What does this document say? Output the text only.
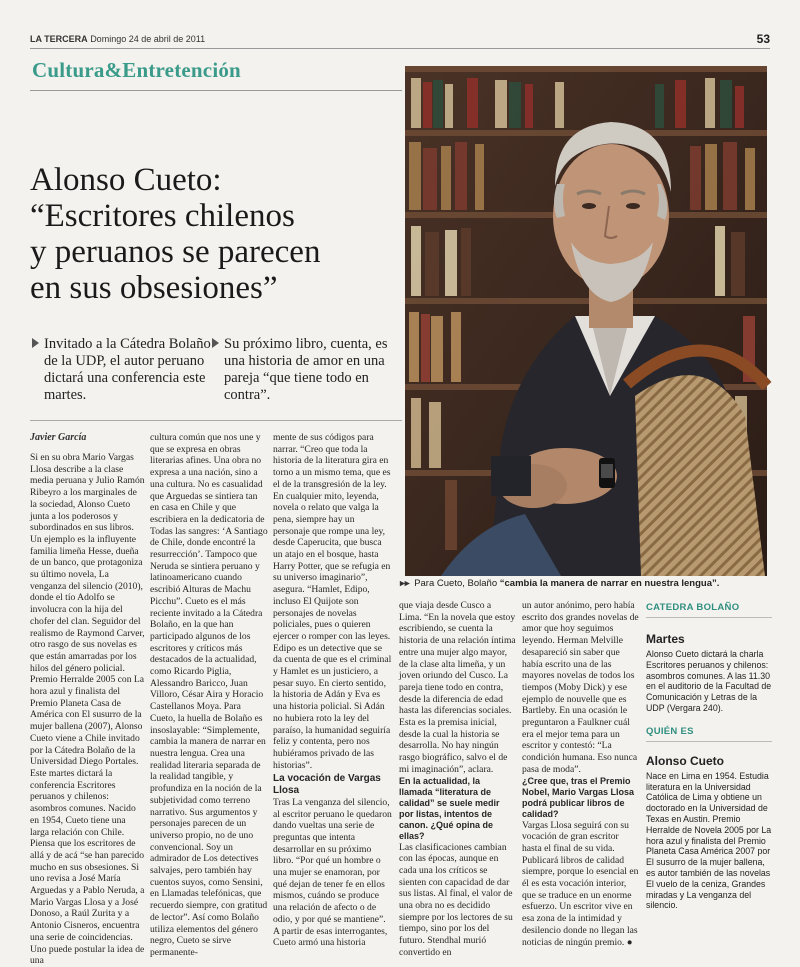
LA TERCERA Domingo 24 de abril de 2011	53
Cultura&Entretención
Alonso Cueto:
“Escritores chilenos
y peruanos se parecen
en sus obsesiones”
Invitado a la Cátedra Bolaño de la UDP, el autor peruano dictará una conferencia este martes.
Su próximo libro, cuenta, es una historia de amor en una pareja “que tiene todo en contra”.
▸▸ Para Cueto, Bolaño “cambia la manera de narrar en nuestra lengua”.
Javier García

Si en su obra Mario Vargas Llosa describe a la clase media peruana y Julio Ramón Ribeyro a los marginales de la sociedad, Alonso Cueto junta a los poderosos y subordinados en sus libros. Un ejemplo es la influyente familia limeña Hesse, dueña de un banco, que protagoniza su último novela, La venganza del silencio (2010), donde el tío Adolfo se involucra con la hija del chofer del clan. Seguidor del realismo de Raymond Carver, otro rasgo de sus novelas es que están amarradas por los hilos del género policial. Premio Herralde 2005 con La hora azul y finalista del Premio Planeta Casa de América con El susurro de la mujer ballena (2007), Alonso Cueto viene a Chile invitado por la Cátedra Bolaño de la Universidad Diego Portales. Este martes dictará la conferencia Escritores peruanos y chilenos: asombros comunes. Nacido en 1954, Cueto tiene una larga relación con Chile. Piensa que los escritores de allá y de acá “se han parecido mucho en sus obsesiones. Si uno revisa a José María Arguedas y a Pablo Neruda, a Mario Vargas Llosa y a José Donoso, a Raúl Zurita y a Antonio Cisneros, encuentra una serie de coincidencias. Uno puede postular la idea de una

cultura común que nos une y que se expresa en obras literarias afines. Una obra no expresa a una nación, sino a una cultura. No es casualidad que Arguedas se sintiera tan en casa en Chile y que escribiera en la dedicatoria de Todas las sangres: ‘A Santiago de Chile, donde encontré la resurrección’. Tampoco que Neruda se sintiera peruano y latinoamericano cuando escribió Alturas de Machu Picchu”. Cueto es el más reciente invitado a la Cátedra Bolaño, en la que han participado algunos de los escritores y críticos más destacados de la actualidad, como Ricardo Piglia, Alessandro Baricco, Juan Villoro, César Aira y Horacio Castellanos Moya. Para Cueto, la huella de Bolaño es insoslayable: “Simplemente, cambia la manera de narrar en nuestra lengua. Crea una realidad literaria separada de la realidad tangible, y profundiza en la noción de la subjetividad como terreno narrativo. Sus argumentos y personajes parecen de un universo propio, no de uno convencional. Soy un admirador de Los detectives salvajes, pero también hay cuentos suyos, como Sensini, en Llamadas telefónicas, que recuerdo siempre, con gratitud de lector”. Así como Bolaño utiliza elementos del género negro, Cueto se sirve permanente-

mente de sus códigos para narrar. “Creo que toda la historia de la literatura gira en torno a un mismo tema, que es el de la transgresión de la ley. En cualquier mito, leyenda, novela o relato que valga la pena, siempre hay un personaje que rompe una ley, desde Caperucita, que busca un atajo en el bosque, hasta Harry Potter, que se refugia en su universo imaginario”, asegura. “Hamlet, Edipo, incluso El Quijote son personajes de novelas policiales, pues o quieren ejercer o romper con las leyes. Edipo es un detective que se da cuenta de que es el criminal y Hamlet es un justiciero, a pesar suyo. En cierto sentido, la historia de Adán y Eva es una historia policial. Si Adán no hubiera roto la ley del paraíso, la humanidad seguiría feliz y contenta, pero nos hubiéramos privado de las historias”.

La vocación de Vargas Llosa

Tras La venganza del silencio, al escritor peruano le quedaron dando vueltas una serie de preguntas que intenta desarrollar en su próximo libro. “Por qué un hombre o una mujer se enamoran, por qué dejan de tener fe en ellos mismos, cuándo se produce una relación de afecto o de odio, y por qué se mantiene”. A partir de esas interrogantes, Cueto armó una historia

que viaja desde Cusco a Lima. “En la novela que estoy escribiendo, se cuenta la historia de una relación íntima entre una mujer algo mayor, de la clase alta limeña, y un joven oriundo del Cusco. La pareja tiene todo en contra, desde la diferencia de edad hasta las diferencias sociales. Esta es la premisa inicial, desde la cual la historia se desarrolla. No hay ningún rasgo biográfico, salvo el de mi imaginación”, aclara.

En la actualidad, la llamada “literatura de calidad” se suele medir por listas, intentos de canon. ¿Qué opina de ellas?

Las clasificaciones cambian con las épocas, aunque en cada una los críticos se sienten con capacidad de dar sus listas. Al final, el valor de una obra no es decidido siempre por los lectores de su tiempo, sino por los del futuro. Stendhal murió convertido en

un autor anónimo, pero había escrito dos grandes novelas de amor que hoy seguimos leyendo. Herman Melville desapareció sin saber que había escrito una de las mayores novelas de todos los tiempos (Moby Dick) y ese ejemplo de nouvelle que es Bartleby. En una ocasión le preguntaron a Faulkner cuál era el mejor tema para un escritor y contestó: “La condición humana. Eso nunca pasa de moda”.

¿Cree que, tras el Premio Nobel, Mario Vargas Llosa podrá publicar libros de calidad?

Vargas Llosa seguirá con su vocación de gran escritor hasta el final de su vida. Publicará libros de calidad siempre, porque lo esencial en él es esta vocación interior, que se traduce en un enorme esfuerzo. Un escritor vive en esa zona de la intimidad y desilencio donde no llegan las noticias de ningún premio. ●

CATEDRA BOLAÑO
Martes
Alonso Cueto dictará la charla Escritores peruanos y chilenos: asombros comunes. A las 11.30 en el auditorio de la Facultad de Comunicación y Letras de la UDP (Vergara 240).
QUIÉN ES
Alonso Cueto
Nace en Lima en 1954. Estudia literatura en la Universidad Católica de Lima y obtiene un doctorado en la Universidad de Texas en Austin. Premio Herralde de Novela 2005 por La hora azul y finalista del Premio Planeta Casa América 2007 por El susurro de la mujer ballena, es autor también de las novelas El vuelo de la ceniza, Grandes miradas y La venganza del silencio.
